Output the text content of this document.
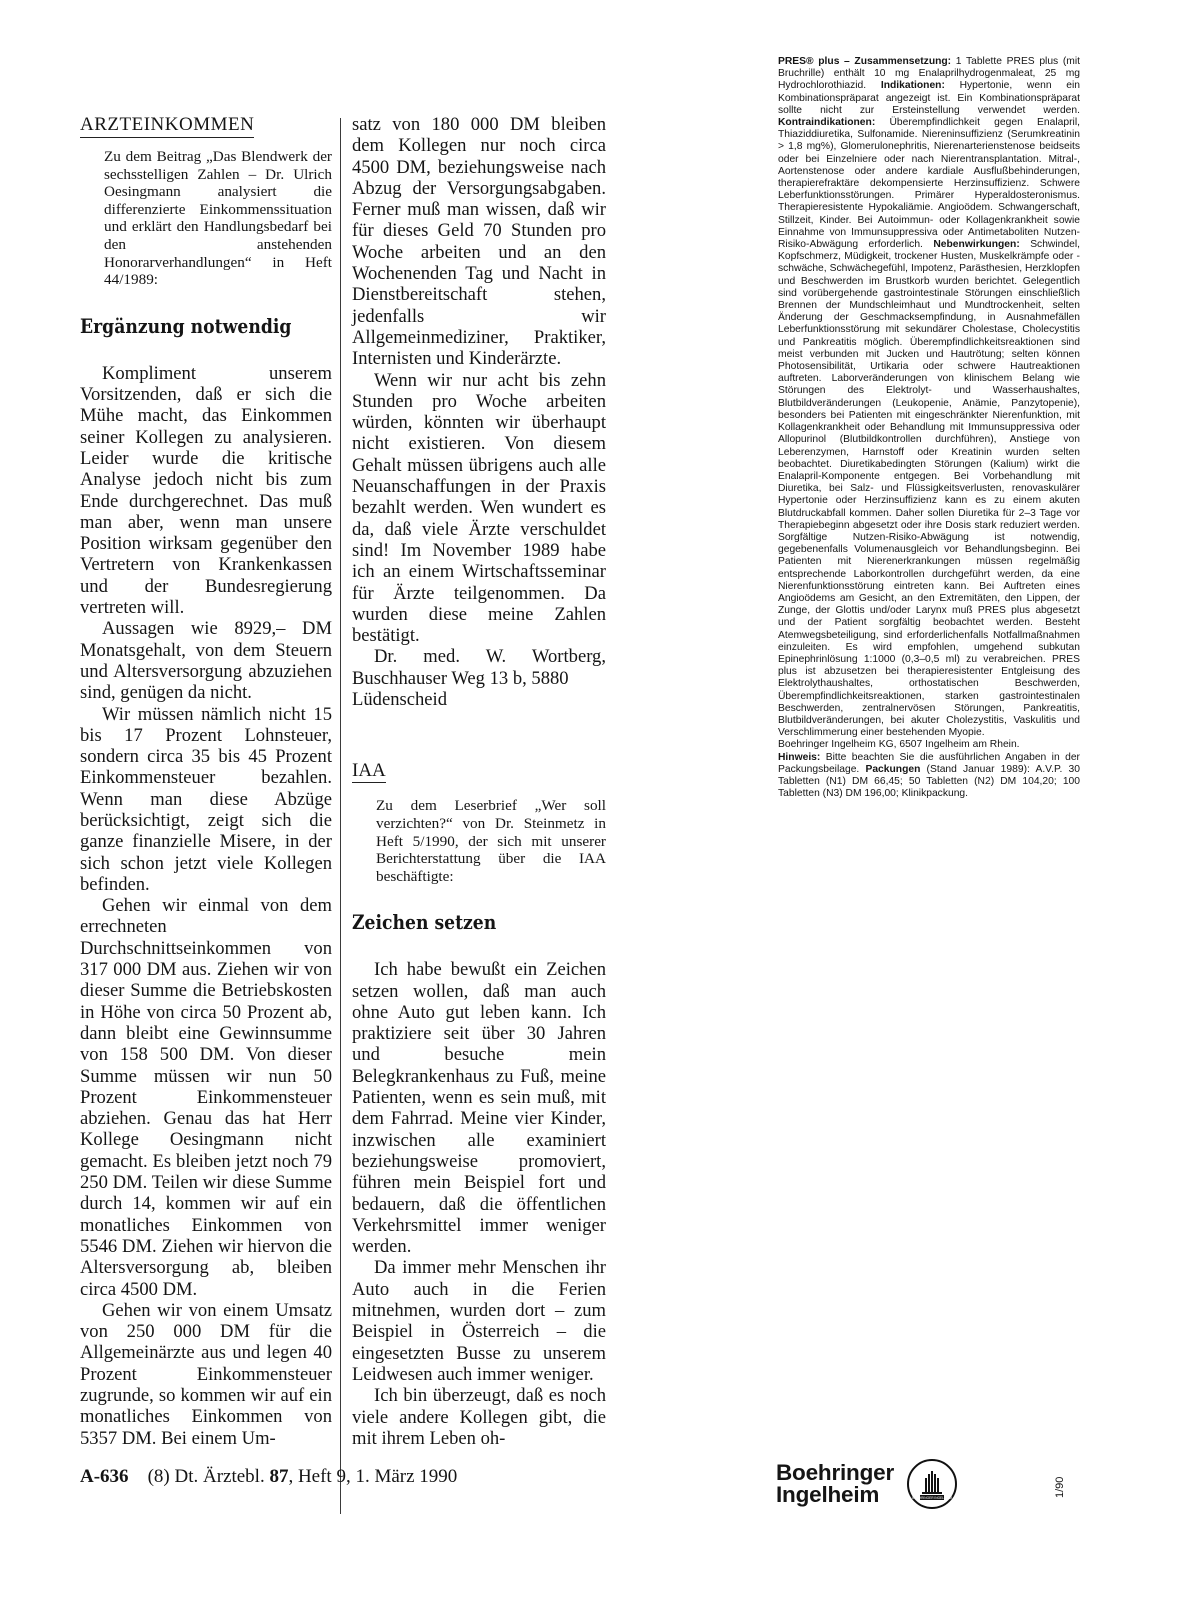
ARZTEINKOMMEN

Zu dem Beitrag „Das Blendwerk der sechsstelligen Zahlen – Dr. Ulrich Oesingmann analysiert die differenzierte Einkommenssituation und erklärt den Handlungsbedarf bei den anstehenden Honorarverhandlungen“ in Heft 44/1989:

Ergänzung notwendig

Kompliment unserem Vorsitzenden, daß er sich die Mühe macht, das Einkommen seiner Kollegen zu analysieren. Leider wurde die kritische Analyse jedoch nicht bis zum Ende durchgerechnet. Das muß man aber, wenn man unsere Position wirksam gegenüber den Vertretern von Krankenkassen und der Bundesregierung vertreten will.

Aussagen wie 8929,– DM Monatsgehalt, von dem Steuern und Altersversorgung abzuziehen sind, genügen da nicht.

Wir müssen nämlich nicht 15 bis 17 Prozent Lohnsteuer, sondern circa 35 bis 45 Prozent Einkommensteuer bezahlen. Wenn man diese Abzüge berücksichtigt, zeigt sich die ganze finanzielle Misere, in der sich schon jetzt viele Kollegen befinden.

Gehen wir einmal von dem errechneten Durchschnittseinkommen von 317 000 DM aus. Ziehen wir von dieser Summe die Betriebskosten in Höhe von circa 50 Prozent ab, dann bleibt eine Gewinnsumme von 158 500 DM. Von dieser Summe müssen wir nun 50 Prozent Einkommensteuer abziehen. Genau das hat Herr Kollege Oesingmann nicht gemacht. Es bleiben jetzt noch 79 250 DM. Teilen wir diese Summe durch 14, kommen wir auf ein monatliches Einkommen von 5546 DM. Ziehen wir hiervon die Altersversorgung ab, bleiben circa 4500 DM.

Gehen wir von einem Umsatz von 250 000 DM für die Allgemeinärzte aus und legen 40 Prozent Einkommensteuer zugrunde, so kommen wir auf ein monatliches Einkommen von 5357 DM. Bei einem Um-

satz von 180 000 DM bleiben dem Kollegen nur noch circa 4500 DM, beziehungsweise nach Abzug der Versorgungsabgaben. Ferner muß man wissen, daß wir für dieses Geld 70 Stunden pro Woche arbeiten und an den Wochenenden Tag und Nacht in Dienstbereitschaft stehen, jedenfalls wir Allgemeinmediziner, Praktiker, Internisten und Kinderärzte.

Wenn wir nur acht bis zehn Stunden pro Woche arbeiten würden, könnten wir überhaupt nicht existieren. Von diesem Gehalt müssen übrigens auch alle Neuanschaffungen in der Praxis bezahlt werden. Wen wundert es da, daß viele Ärzte verschuldet sind! Im November 1989 habe ich an einem Wirtschaftsseminar für Ärzte teilgenommen. Da wurden diese meine Zahlen bestätigt.

Dr. med. W. Wortberg, Buschhauser Weg 13 b, 5880

Lüdenscheid

IAA

Zu dem Leserbrief „Wer soll verzichten?“ von Dr. Steinmetz in Heft 5/1990, der sich mit unserer Berichterstattung über die IAA beschäftigte:

Zeichen setzen

Ich habe bewußt ein Zeichen setzen wollen, daß man auch ohne Auto gut leben kann. Ich praktiziere seit über 30 Jahren und besuche mein Belegkrankenhaus zu Fuß, meine Patienten, wenn es sein muß, mit dem Fahrrad. Meine vier Kinder, inzwischen alle examiniert beziehungsweise promoviert, führen mein Beispiel fort und bedauern, daß die öffentlichen Verkehrsmittel immer weniger werden.

Da immer mehr Menschen ihr Auto auch in die Ferien mitnehmen, wurden dort – zum Beispiel in Österreich – die eingesetzten Busse zu unserem Leidwesen auch immer weniger.

Ich bin überzeugt, daß es noch viele andere Kollegen gibt, die mit ihrem Leben oh-

PRES® plus – Zusammensetzung: 1 Tablette PRES plus (mit Bruchrille) enthält 10 mg Enalaprilhydrogenmaleat, 25 mg Hydrochlorothiazid. Indikationen: Hypertonie, wenn ein Kombinationspräparat angezeigt ist. Ein Kombinationspräparat sollte nicht zur Ersteinstellung verwendet werden. Kontraindikationen: Überempfindlichkeit gegen Enalapril, Thiaziddiuretika, Sulfonamide. Niereninsuffizienz (Serumkreatinin > 1,8 mg%), Glomerulonephritis, Nierenarterienstenose beidseits oder bei Einzelniere oder nach Nierentransplantation. Mitral-, Aortenstenose oder andere kardiale Ausflußbehinderungen, therapierefraktäre dekompensierte Herzinsuffizienz. Schwere Leberfunktionsstörungen. Primärer Hyperaldosteronismus. Therapieresistente Hypokaliämie. Angioödem. Schwangerschaft, Stillzeit, Kinder. Bei Autoimmun- oder Kollagenkrankheit sowie Einnahme von Immunsuppressiva oder Antimetaboliten Nutzen-Risiko-Abwägung erforderlich. Nebenwirkungen: Schwindel, Kopfschmerz, Müdigkeit, trockener Husten, Muskelkrämpfe oder -schwäche, Schwächegefühl, Impotenz, Parästhesien, Herzklopfen und Beschwerden im Brustkorb wurden berichtet. Gelegentlich sind vorübergehende gastrointestinale Störungen einschließlich Brennen der Mundschleimhaut und Mundtrockenheit, selten Änderung der Geschmacksempfindung, in Ausnahmefällen Leberfunktionsstörung mit sekundärer Cholestase, Cholecystitis und Pankreatitis möglich. Überempfindlichkeitsreaktionen sind meist verbunden mit Jucken und Hautrötung; selten können Photosensibilität, Urtikaria oder schwere Hautreaktionen auftreten. Laborveränderungen von klinischem Belang wie Störungen des Elektrolyt- und Wasserhaushaltes, Blutbildveränderungen (Leukopenie, Anämie, Panzytopenie), besonders bei Patienten mit eingeschränkter Nierenfunktion, mit Kollagenkrankheit oder Behandlung mit Immunsuppressiva oder Allopurinol (Blutbildkontrollen durchführen), Anstiege von Leberenzymen, Harnstoff oder Kreatinin wurden selten beobachtet. Diuretikabedingten Störungen (Kalium) wirkt die Enalapril-Komponente entgegen. Bei Vorbehandlung mit Diuretika, bei Salz- und Flüssigkeitsverlusten, renovaskulärer Hypertonie oder Herzinsuffizienz kann es zu einem akuten Blutdruckabfall kommen. Daher sollen Diuretika für 2–3 Tage vor Therapiebeginn abgesetzt oder ihre Dosis stark reduziert werden. Sorgfältige Nutzen-Risiko-Abwägung ist notwendig, gegebenenfalls Volumenausgleich vor Behandlungsbeginn. Bei Patienten mit Nierenerkrankungen müssen regelmäßig entsprechende Laborkontrollen durchgeführt werden, da eine Nierenfunktionsstörung eintreten kann. Bei Auftreten eines Angioödems am Gesicht, an den Extremitäten, den Lippen, der Zunge, der Glottis und/oder Larynx muß PRES plus abgesetzt und der Patient sorgfältig beobachtet werden. Besteht Atemwegsbeteiligung, sind erforderlichenfalls Notfallmaßnahmen einzuleiten. Es wird empfohlen, umgehend subkutan Epinephrinlösung 1:1000 (0,3–0,5 ml) zu verabreichen. PRES plus ist abzusetzen bei therapieresistenter Entgleisung des Elektrolythaushaltes, orthostatischen Beschwerden, Überempfindlichkeitsreaktionen, starken gastrointestinalen Beschwerden, zentralnervösen Störungen, Pankreatitis, Blutbildveränderungen, bei akuter Cholezystitis, Vaskulitis und Verschlimmerung einer bestehenden Myopie.

Boehringer Ingelheim KG, 6507 Ingelheim am Rhein.

Hinweis: Bitte beachten Sie die ausführlichen Angaben in der Packungsbeilage. Packungen (Stand Januar 1989): A.V.P. 30 Tabletten (N1) DM 66,45; 50 Tabletten (N2) DM 104,20; 100 Tabletten (N3) DM 196,00; Klinikpackung.

A-636 (8) Dt. Ärztebl. 87, Heft 9, 1. März 1990	Boehringer
Ingelheim	BOEHRINGER INGELHEIM	1/90
